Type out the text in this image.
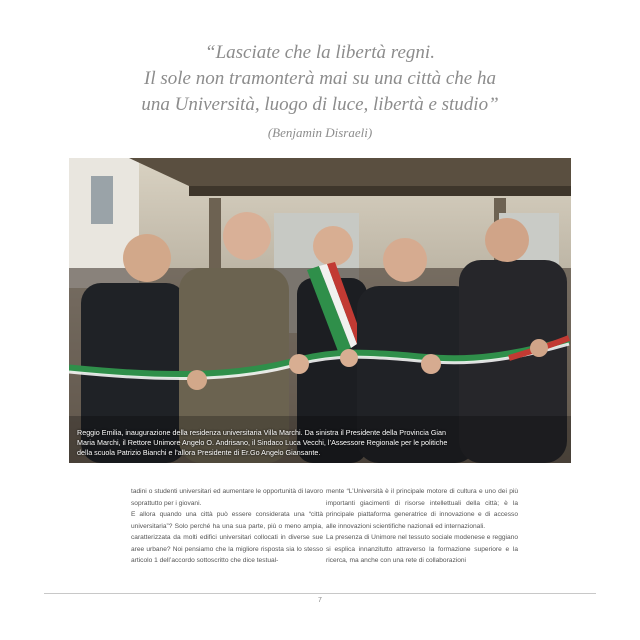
“Lasciate che la libertà regni.
Il sole non tramonterà mai su una città che ha
una Università, luogo di luce, libertà e studio”
(Benjamin Disraeli)
Reggio Emilia, inaugurazione della residenza universitaria Villa Marchi. Da sinistra il Presidente della Provincia Gian
Maria Marchi, il Rettore Unimore Angelo O. Andrisano, il Sindaco Luca Vecchi, l’Assessore Regionale per le politiche
della scuola Patrizio Bianchi e l’allora Presidente di Er.Go Angelo Giansante.

tadini o studenti universitari ed aumentare le opportunità di lavoro soprattutto per i giovani.

E allora quando una città può essere considerata una “città universitaria”? Solo perché ha una sua parte, più o meno ampia, caratterizzata da molti edifici universitari collocati in diverse sue aree urbane? Noi pensiamo che la migliore risposta sia lo stesso articolo 1 dell’accordo sottoscritto che dice testual-

mente “L’Università è il principale motore di cultura e uno dei più importanti giacimenti di risorse intellettuali della città; è la principale piattaforma generatrice di innovazione e di accesso alle innovazioni scientifiche nazionali ed internazionali.

La presenza di Unimore nel tessuto sociale modenese e reggiano si esplica innanzitutto attraverso la formazione superiore e la ricerca, ma anche con una rete di collaborazioni

7
